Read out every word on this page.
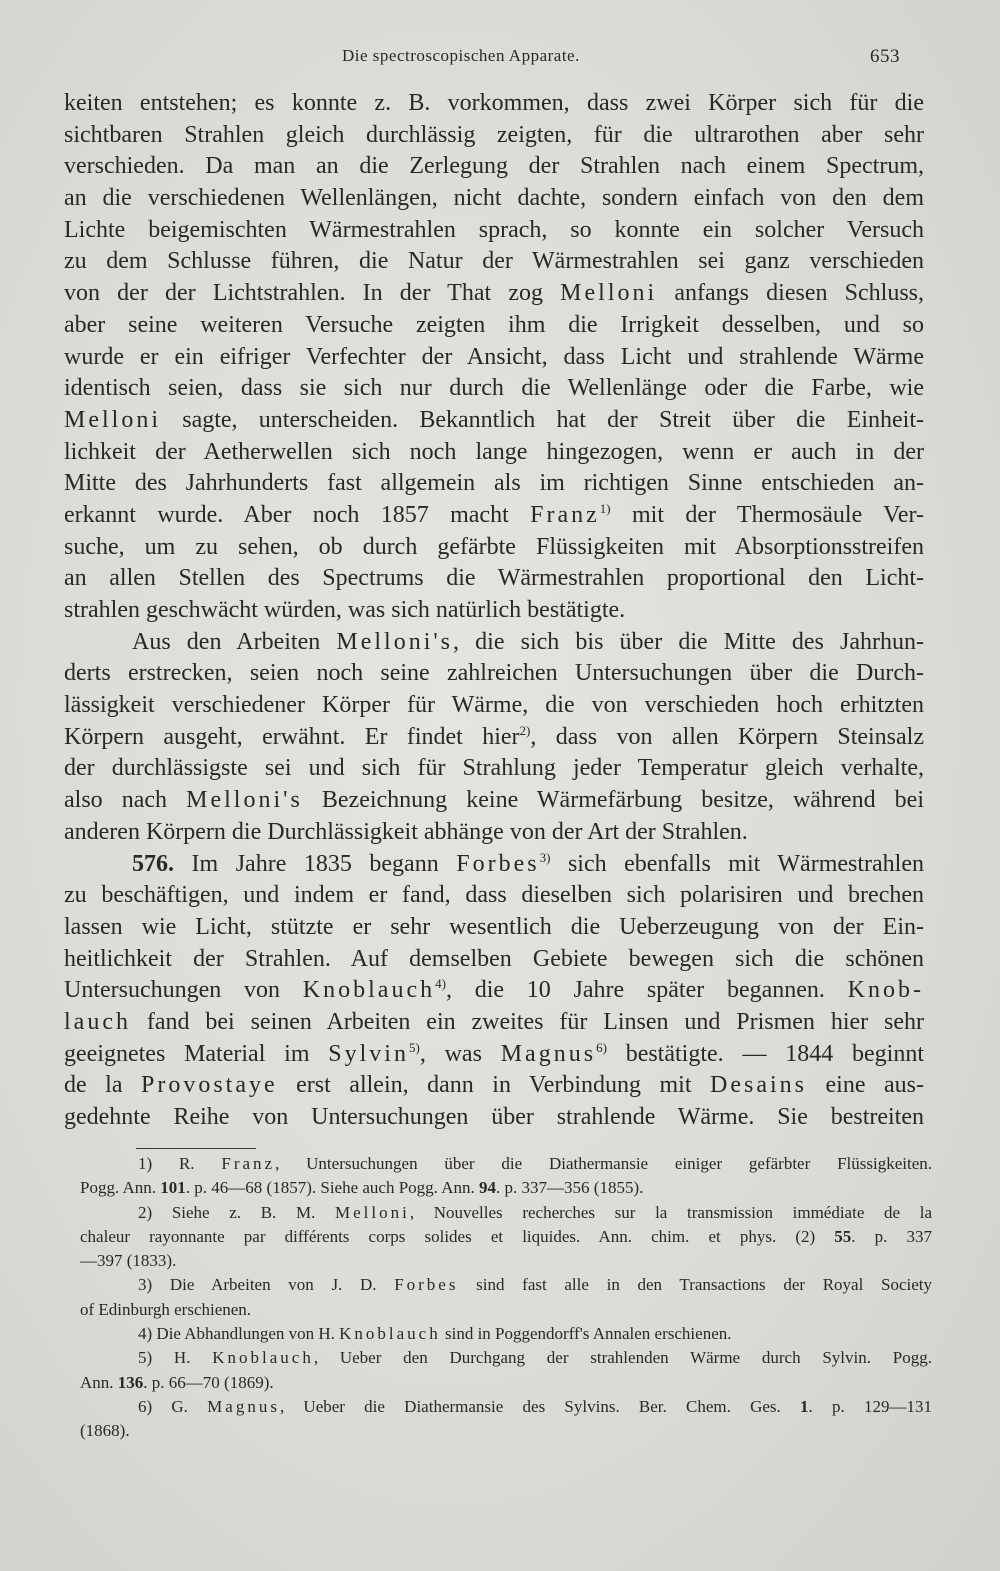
Die spectroscopischen Apparate.	653
keiten entstehen; es konnte z. B. vorkommen, dass zwei Körper sich für die
sichtbaren Strahlen gleich durchlässig zeigten, für die ultrarothen aber sehr
verschieden. Da man an die Zerlegung der Strahlen nach einem Spectrum,
an die verschiedenen Wellenlängen, nicht dachte, sondern einfach von den dem
Lichte beigemischten Wärmestrahlen sprach, so konnte ein solcher Versuch
zu dem Schlusse führen, die Natur der Wärmestrahlen sei ganz verschieden
von der der Lichtstrahlen. In der That zog Melloni anfangs diesen Schluss,
aber seine weiteren Versuche zeigten ihm die Irrigkeit desselben, und so
wurde er ein eifriger Verfechter der Ansicht, dass Licht und strahlende Wärme
identisch seien, dass sie sich nur durch die Wellenlänge oder die Farbe, wie
Melloni sagte, unterscheiden. Bekanntlich hat der Streit über die Einheit-
lichkeit der Aetherwellen sich noch lange hingezogen, wenn er auch in der
Mitte des Jahrhunderts fast allgemein als im richtigen Sinne entschieden an-
erkannt wurde. Aber noch 1857 macht Franz$^{1)}$ mit der Thermosäule Ver-
suche, um zu sehen, ob durch gefärbte Flüssigkeiten mit Absorptionsstreifen
an allen Stellen des Spectrums die Wärmestrahlen proportional den Licht-
strahlen geschwächt würden, was sich natürlich bestätigte.
Aus den Arbeiten Melloni's, die sich bis über die Mitte des Jahrhun-
derts erstrecken, seien noch seine zahlreichen Untersuchungen über die Durch-
lässigkeit verschiedener Körper für Wärme, die von verschieden hoch erhitzten
Körpern ausgeht, erwähnt. Er findet hier$^{2)}$, dass von allen Körpern Steinsalz
der durchlässigste sei und sich für Strahlung jeder Temperatur gleich verhalte,
also nach Melloni's Bezeichnung keine Wärmefärbung besitze, während bei
anderen Körpern die Durchlässigkeit abhänge von der Art der Strahlen.
576. Im Jahre 1835 begann Forbes$^{3)}$ sich ebenfalls mit Wärmestrahlen
zu beschäftigen, und indem er fand, dass dieselben sich polarisiren und brechen
lassen wie Licht, stützte er sehr wesentlich die Ueberzeugung von der Ein-
heitlichkeit der Strahlen. Auf demselben Gebiete bewegen sich die schönen
Untersuchungen von Knoblauch$^{4)}$, die 10 Jahre später begannen. Knob-
lauch fand bei seinen Arbeiten ein zweites für Linsen und Prismen hier sehr
geeignetes Material im Sylvin$^{5)}$, was Magnus$^{6)}$ bestätigte. — 1844 beginnt
de la Provostaye erst allein, dann in Verbindung mit Desains eine aus-
gedehnte Reihe von Untersuchungen über strahlende Wärme. Sie bestreiten
1) R. Franz, Untersuchungen über die Diathermansie einiger gefärbter Flüssigkeiten.
Pogg. Ann. 101. p. 46—68 (1857). Siehe auch Pogg. Ann. 94. p. 337—356 (1855).
2) Siehe z. B. M. Melloni, Nouvelles recherches sur la transmission immédiate de la
chaleur rayonnante par différents corps solides et liquides. Ann. chim. et phys. (2) 55. p. 337
—397 (1833).
3) Die Arbeiten von J. D. Forbes sind fast alle in den Transactions der Royal Society
of Edinburgh erschienen.
4) Die Abhandlungen von H. Knoblauch sind in Poggendorff's Annalen erschienen.
5) H. Knoblauch, Ueber den Durchgang der strahlenden Wärme durch Sylvin. Pogg.
Ann. 136. p. 66—70 (1869).
6) G. Magnus, Ueber die Diathermansie des Sylvins. Ber. Chem. Ges. 1. p. 129—131
(1868).
